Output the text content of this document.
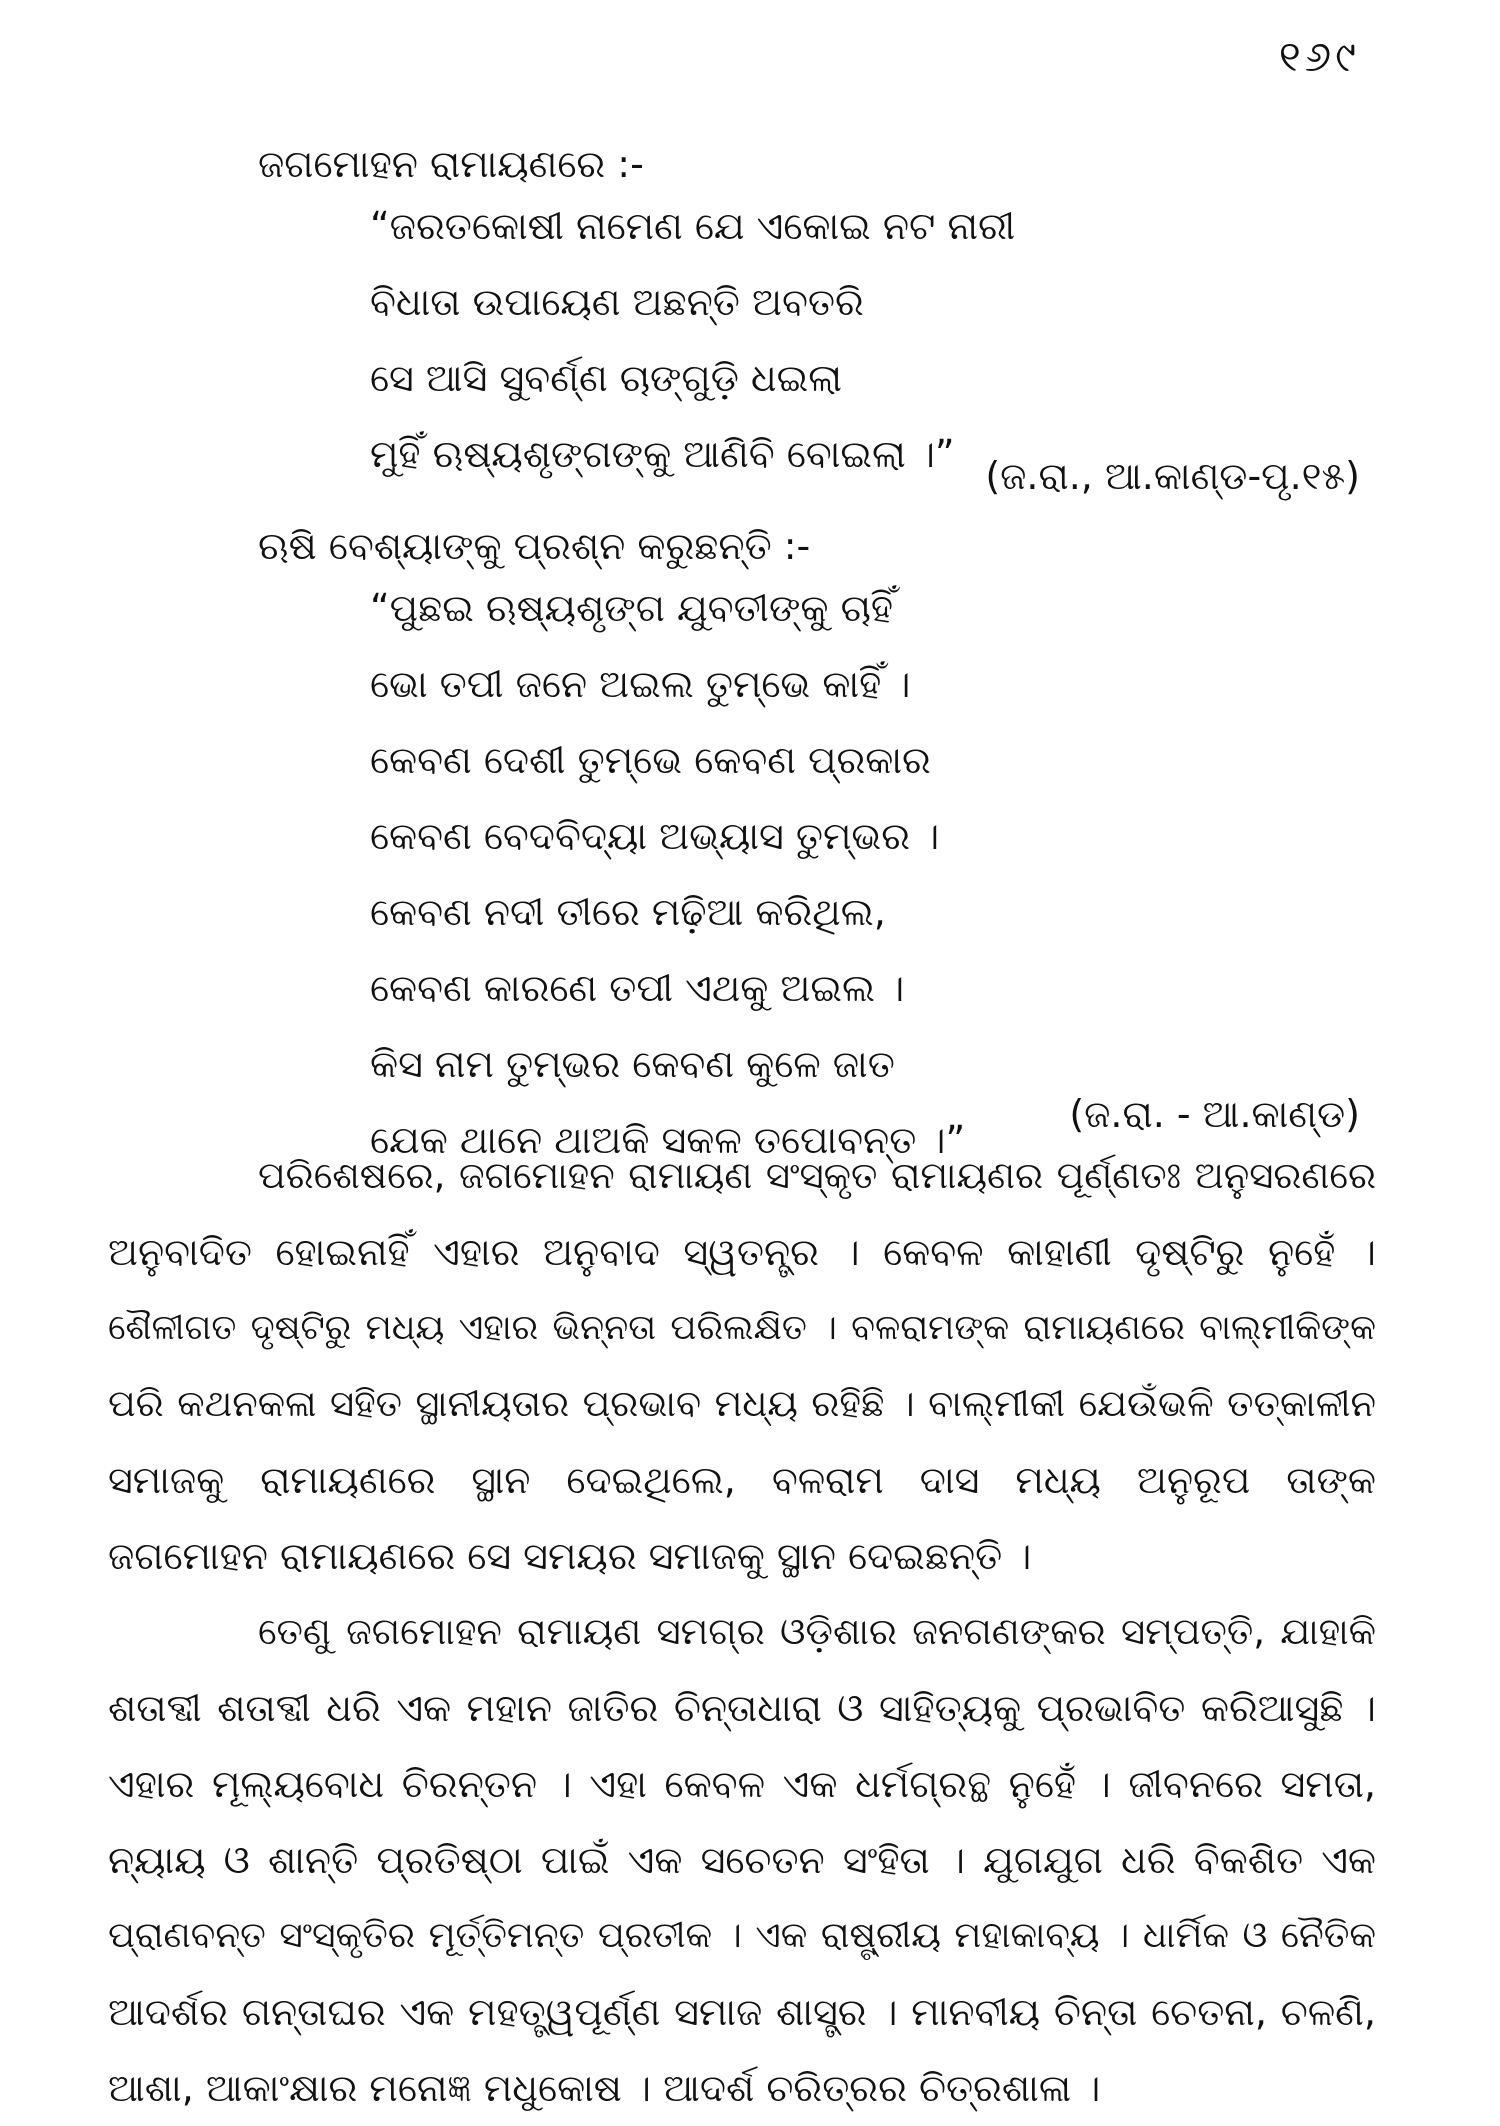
୧୬୯
ଜଗମୋହନ ରାମାୟଣରେ :-
“ଜରତକୋଷୀ ନାମେଣ ଯେ ଏକୋଇ ନଟ ନାରୀ
ବିଧାତା ଉପାୟେଣ ଅଛନ୍ତି ଅବତରି
ସେ ଆସି ସୁବର୍ଣ୍ଣ ଚାଙ୍ଗୁଡ଼ି ଧଇଲା
ମୁହିଁ ଋଷ୍ୟଶୃଙ୍ଗଙ୍କୁ ଆଣିବି ବୋଇଲା ।” (ଜ.ରା., ଆ.କାଣ୍ଡ-ପୃ.୧୫)
ଋଷି ବେଶ୍ୟାଙ୍କୁ ପ୍ରଶ୍ନ କରୁଛନ୍ତି :-
“ପୁଛଇ ଋଷ୍ୟଶୃଙ୍ଗ ଯୁବତୀଙ୍କୁ ଚାହିଁ
ଭୋ ତପୀ ଜନେ ଅଇଲ ତୁମ୍ଭେ କାହିଁ ।
କେବଣ ଦେଶୀ ତୁମ୍ଭେ କେବଣ ପ୍ରକାର
କେବଣ ବେଦବିଦ୍ୟା ଅଭ୍ୟାସ ତୁମ୍ଭର ।
କେବଣ ନଦୀ ତୀରେ ମଢ଼ିଆ କରିଥିଲ,
କେବଣ କାରଣେ ତପୀ ଏଥକୁ ଅଇଲ ।
କିସ ନାମ ତୁମ୍ଭର କେବଣ କୁଳେ ଜାତ
ଯେକ ଥାନେ ଥାଅକି ସକଳ ତପୋବନ୍ତ ।”
(ଜ.ରା. - ଆ.କାଣ୍ଡ)
ପରିଶେଷରେ, ଜଗମୋହନ ରାମାୟଣ ସଂସ୍କୃତ ରାମାୟଣର ପୂର୍ଣ୍ଣତଃ ଅନୁସରଣରେ
ଅନୁବାଦିତ ହୋଇନାହିଁ ଏହାର ଅନୁବାଦ ସ୍ୱତନ୍ତ୍ର । କେବଳ କାହାଣୀ ଦୃଷ୍ଟିରୁ ନୁହେଁ ।
ଶୈଳୀଗତ ଦୃଷ୍ଟିରୁ ମଧ୍ୟ ଏହାର ଭିନ୍ନତା ପରିଲକ୍ଷିତ । ବଳରାମଙ୍କ ରାମାୟଣରେ ବାଲ୍ମୀକିଙ୍କ
ପରି କଥନକଳା ସହିତ ସ୍ଥାନୀୟତାର ପ୍ରଭାବ ମଧ୍ୟ ରହିଛି । ବାଲ୍ମୀକୀ ଯେଉଁଭଳି ତତ୍କାଳୀନ
ସମାଜକୁ ରାମାୟଣରେ ସ୍ଥାନ ଦେଇଥିଲେ, ବଳରାମ ଦାସ ମଧ୍ୟ ଅନୁରୂପ ତାଙ୍କ
ଜଗମୋହନ ରାମାୟଣରେ ସେ ସମୟର ସମାଜକୁ ସ୍ଥାନ ଦେଇଛନ୍ତି ।
ତେଣୁ ଜଗମୋହନ ରାମାୟଣ ସମଗ୍ର ଓଡ଼ିଶାର ଜନଗଣଙ୍କର ସମ୍ପତ୍ତି, ଯାହାକି
ଶତାବ୍ଦୀ ଶତାବ୍ଦୀ ଧରି ଏକ ମହାନ ଜାତିର ଚିନ୍ତାଧାରା ଓ ସାହିତ୍ୟକୁ ପ୍ରଭାବିତ କରିଆସୁଛି ।
ଏହାର ମୂଲ୍ୟବୋଧ ଚିରନ୍ତନ । ଏହା କେବଳ ଏକ ଧର୍ମଗ୍ରନ୍ଥ ନୁହେଁ । ଜୀବନରେ ସମତା,
ନ୍ୟାୟ ଓ ଶାନ୍ତି ପ୍ରତିଷ୍ଠା ପାଇଁ ଏକ ସଚେତନ ସଂହିତା । ଯୁଗଯୁଗ ଧରି ବିକଶିତ ଏକ
ପ୍ରାଣବନ୍ତ ସଂସ୍କୃତିର ମୂର୍ତ୍ତିମନ୍ତ ପ୍ରତୀକ । ଏକ ରାଷ୍ଟ୍ରୀୟ ମହାକାବ୍ୟ । ଧାର୍ମିକ ଓ ନୈତିକ
ଆଦର୍ଶର ଗନ୍ତାଘର ଏକ ମହତ୍ତ୍ୱପୂର୍ଣ୍ଣ ସମାଜ ଶାସ୍ତ୍ର । ମାନବୀୟ ଚିନ୍ତା ଚେତନା, ଚଳଣି,
ଆଶା, ଆକାଂକ୍ଷାର ମନୋଜ୍ଞ ମଧୁକୋଷ । ଆଦର୍ଶ ଚରିତ୍ରର ଚିତ୍ରଶାଳା ।
